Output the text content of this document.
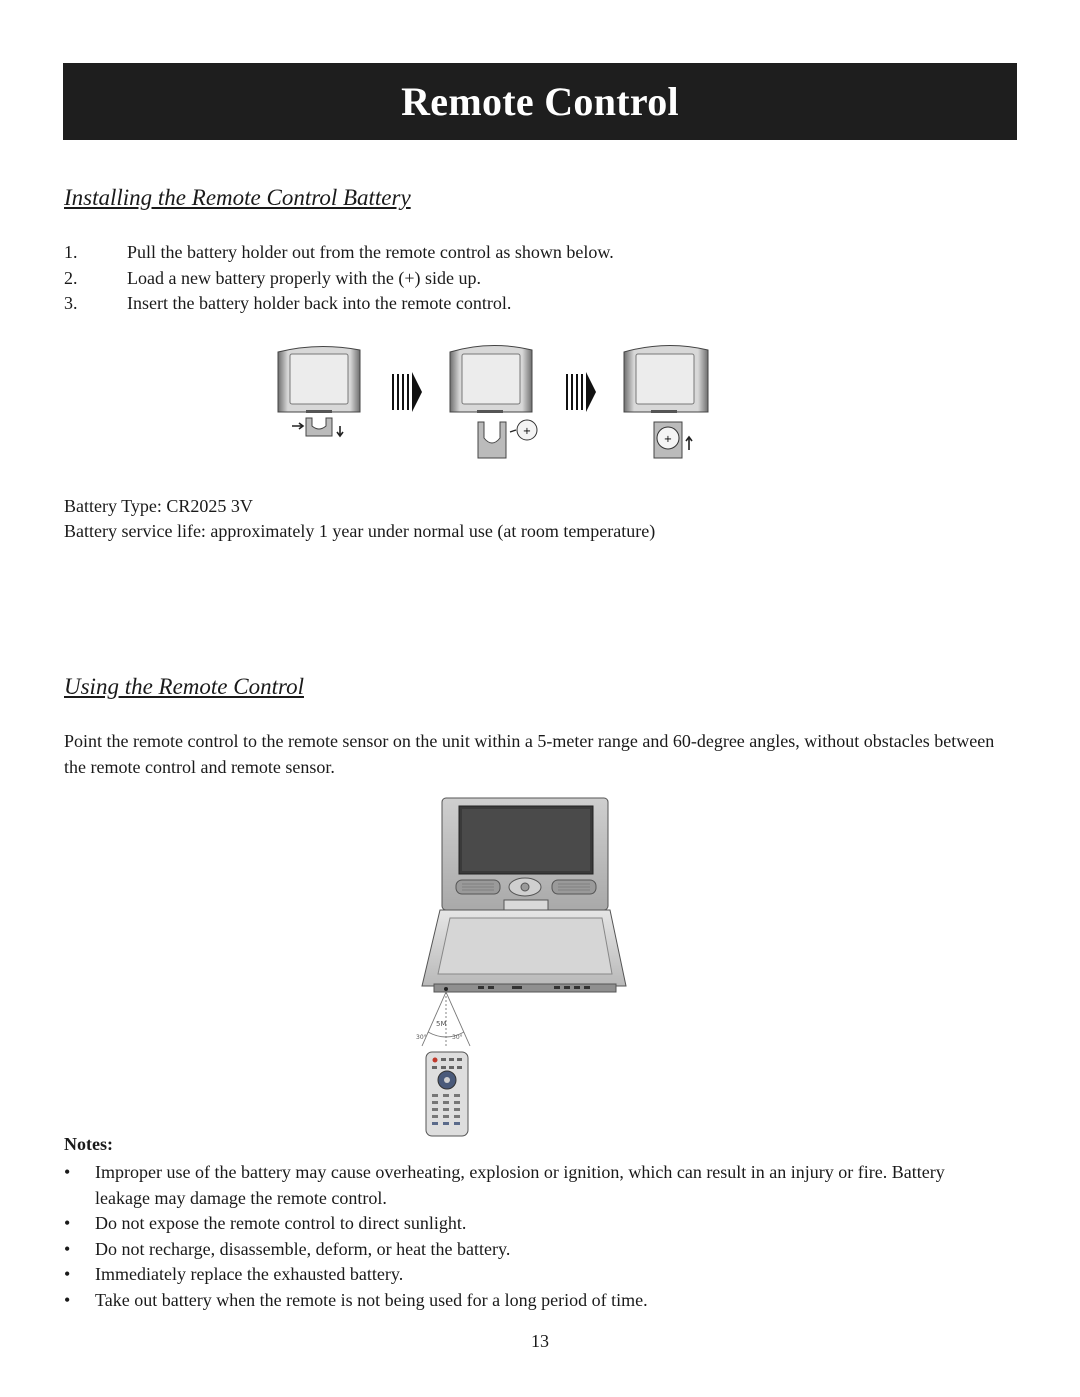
Remote Control
Installing the Remote Control Battery
1.	Pull the battery holder out from the remote control as shown below.
2.	Load a new battery properly with the (+) side up.
3.	Insert the battery holder back into the remote control.
+
+

Battery Type: CR2025 3V

Battery service life: approximately 1 year under normal use (at room temperature)

Using the Remote Control

Point the remote control to the remote sensor on the unit within a 5-meter range and 60-degree angles, without obstacles between the remote control and remote sensor.

5M
30°	30°

Notes:

•	Improper use of the battery may cause overheating, explosion or ignition, which can result in an injury or fire. Battery leakage may damage the remote control.
•	Do not expose the remote control to direct sunlight.
•	Do not recharge, disassemble, deform, or heat the battery.
•	Immediately replace the exhausted battery.
•	Take out battery when the remote is not being used for a long period of time.

13
